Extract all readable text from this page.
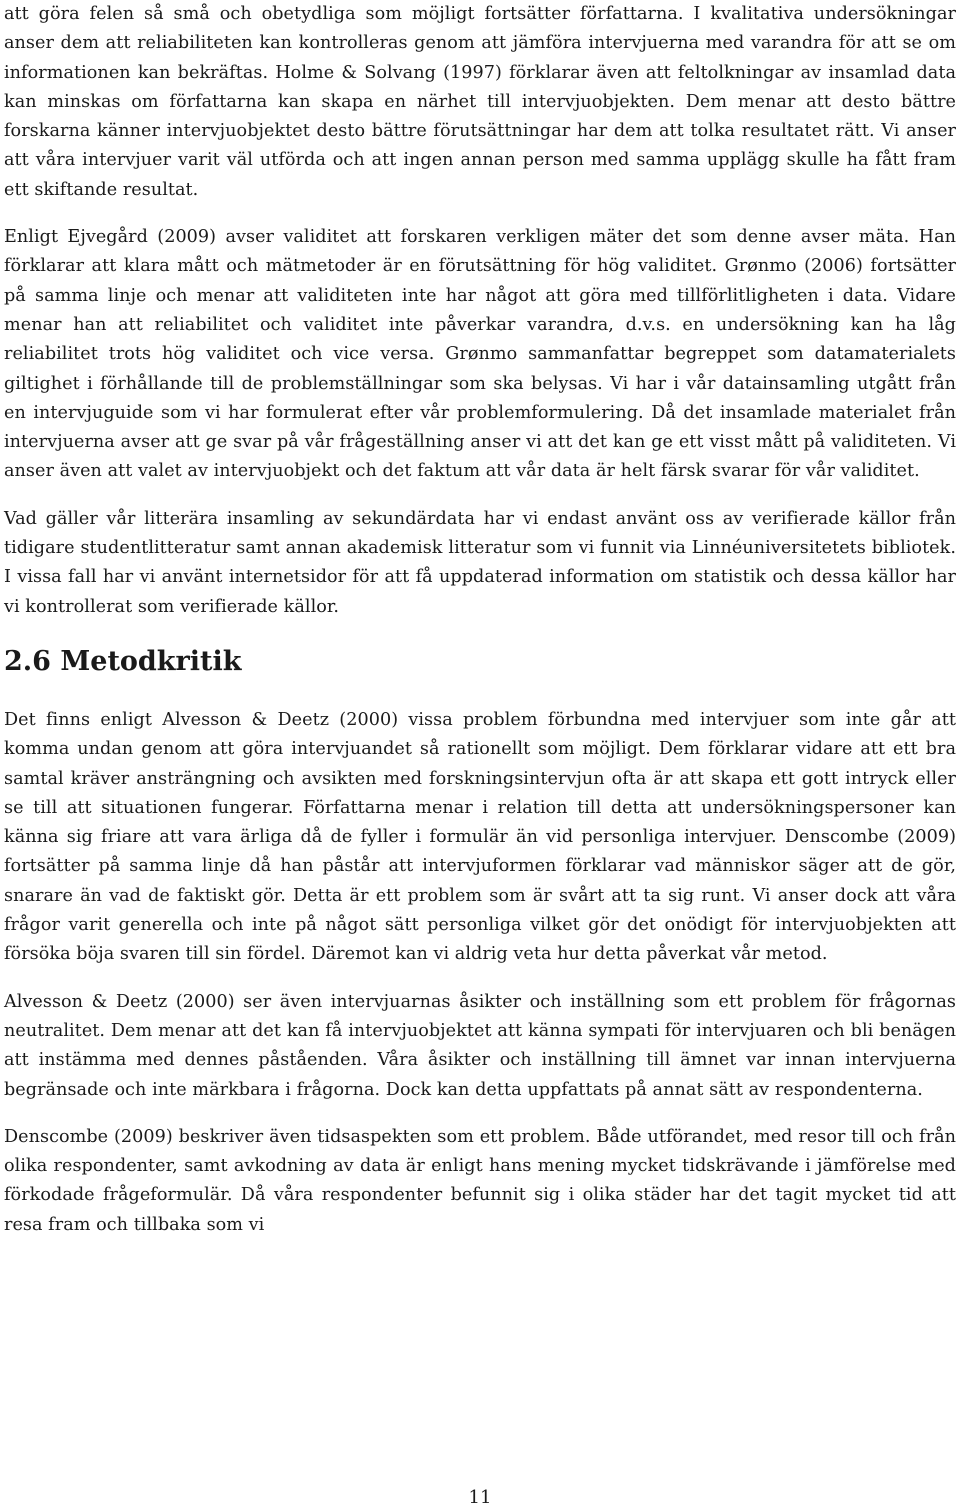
att göra felen så små och obetydliga som möjligt fortsätter författarna. I kvalitativa undersökningar anser dem att reliabiliteten kan kontrolleras genom att jämföra intervjuerna med varandra för att se om informationen kan bekräftas. Holme & Solvang (1997) förklarar även att feltolkningar av insamlad data kan minskas om författarna kan skapa en närhet till intervjuobjekten. Dem menar att desto bättre forskarna känner intervjuobjektet desto bättre förutsättningar har dem att tolka resultatet rätt. Vi anser att våra intervjuer varit väl utförda och att ingen annan person med samma upplägg skulle ha fått fram ett skiftande resultat.

Enligt Ejvegård (2009) avser validitet att forskaren verkligen mäter det som denne avser mäta. Han förklarar att klara mått och mätmetoder är en förutsättning för hög validitet. Grønmo (2006) fortsätter på samma linje och menar att validiteten inte har något att göra med tillförlitligheten i data. Vidare menar han att reliabilitet och validitet inte påverkar varandra, d.v.s. en undersökning kan ha låg reliabilitet trots hög validitet och vice versa. Grønmo sammanfattar begreppet som datamaterialets giltighet i förhållande till de problemställningar som ska belysas. Vi har i vår datainsamling utgått från en intervjuguide som vi har formulerat efter vår problemformulering. Då det insamlade materialet från intervjuerna avser att ge svar på vår frågeställning anser vi att det kan ge ett visst mått på validiteten. Vi anser även att valet av intervjuobjekt och det faktum att vår data är helt färsk svarar för vår validitet.

Vad gäller vår litterära insamling av sekundärdata har vi endast använt oss av verifierade källor från tidigare studentlitteratur samt annan akademisk litteratur som vi funnit via Linnéuniversitetets bibliotek. I vissa fall har vi använt internetsidor för att få uppdaterad information om statistik och dessa källor har vi kontrollerat som verifierade källor.

2.6 Metodkritik

Det finns enligt Alvesson & Deetz (2000) vissa problem förbundna med intervjuer som inte går att komma undan genom att göra intervjuandet så rationellt som möjligt. Dem förklarar vidare att ett bra samtal kräver ansträngning och avsikten med forskningsintervjun ofta är att skapa ett gott intryck eller se till att situationen fungerar. Författarna menar i relation till detta att undersökningspersoner kan känna sig friare att vara ärliga då de fyller i formulär än vid personliga intervjuer. Denscombe (2009) fortsätter på samma linje då han påstår att intervjuformen förklarar vad människor säger att de gör, snarare än vad de faktiskt gör. Detta är ett problem som är svårt att ta sig runt. Vi anser dock att våra frågor varit generella och inte på något sätt personliga vilket gör det onödigt för intervjuobjekten att försöka böja svaren till sin fördel. Däremot kan vi aldrig veta hur detta påverkat vår metod.

Alvesson & Deetz (2000) ser även intervjuarnas åsikter och inställning som ett problem för frågornas neutralitet. Dem menar att det kan få intervjuobjektet att känna sympati för intervjuaren och bli benägen att instämma med dennes påståenden. Våra åsikter och inställning till ämnet var innan intervjuerna begränsade och inte märkbara i frågorna. Dock kan detta uppfattats på annat sätt av respondenterna.

Denscombe (2009) beskriver även tidsaspekten som ett problem. Både utförandet, med resor till och från olika respondenter, samt avkodning av data är enligt hans mening mycket tidskrävande i jämförelse med förkodade frågeformulär. Då våra respondenter befunnit sig i olika städer har det tagit mycket tid att resa fram och tillbaka som vi

11
